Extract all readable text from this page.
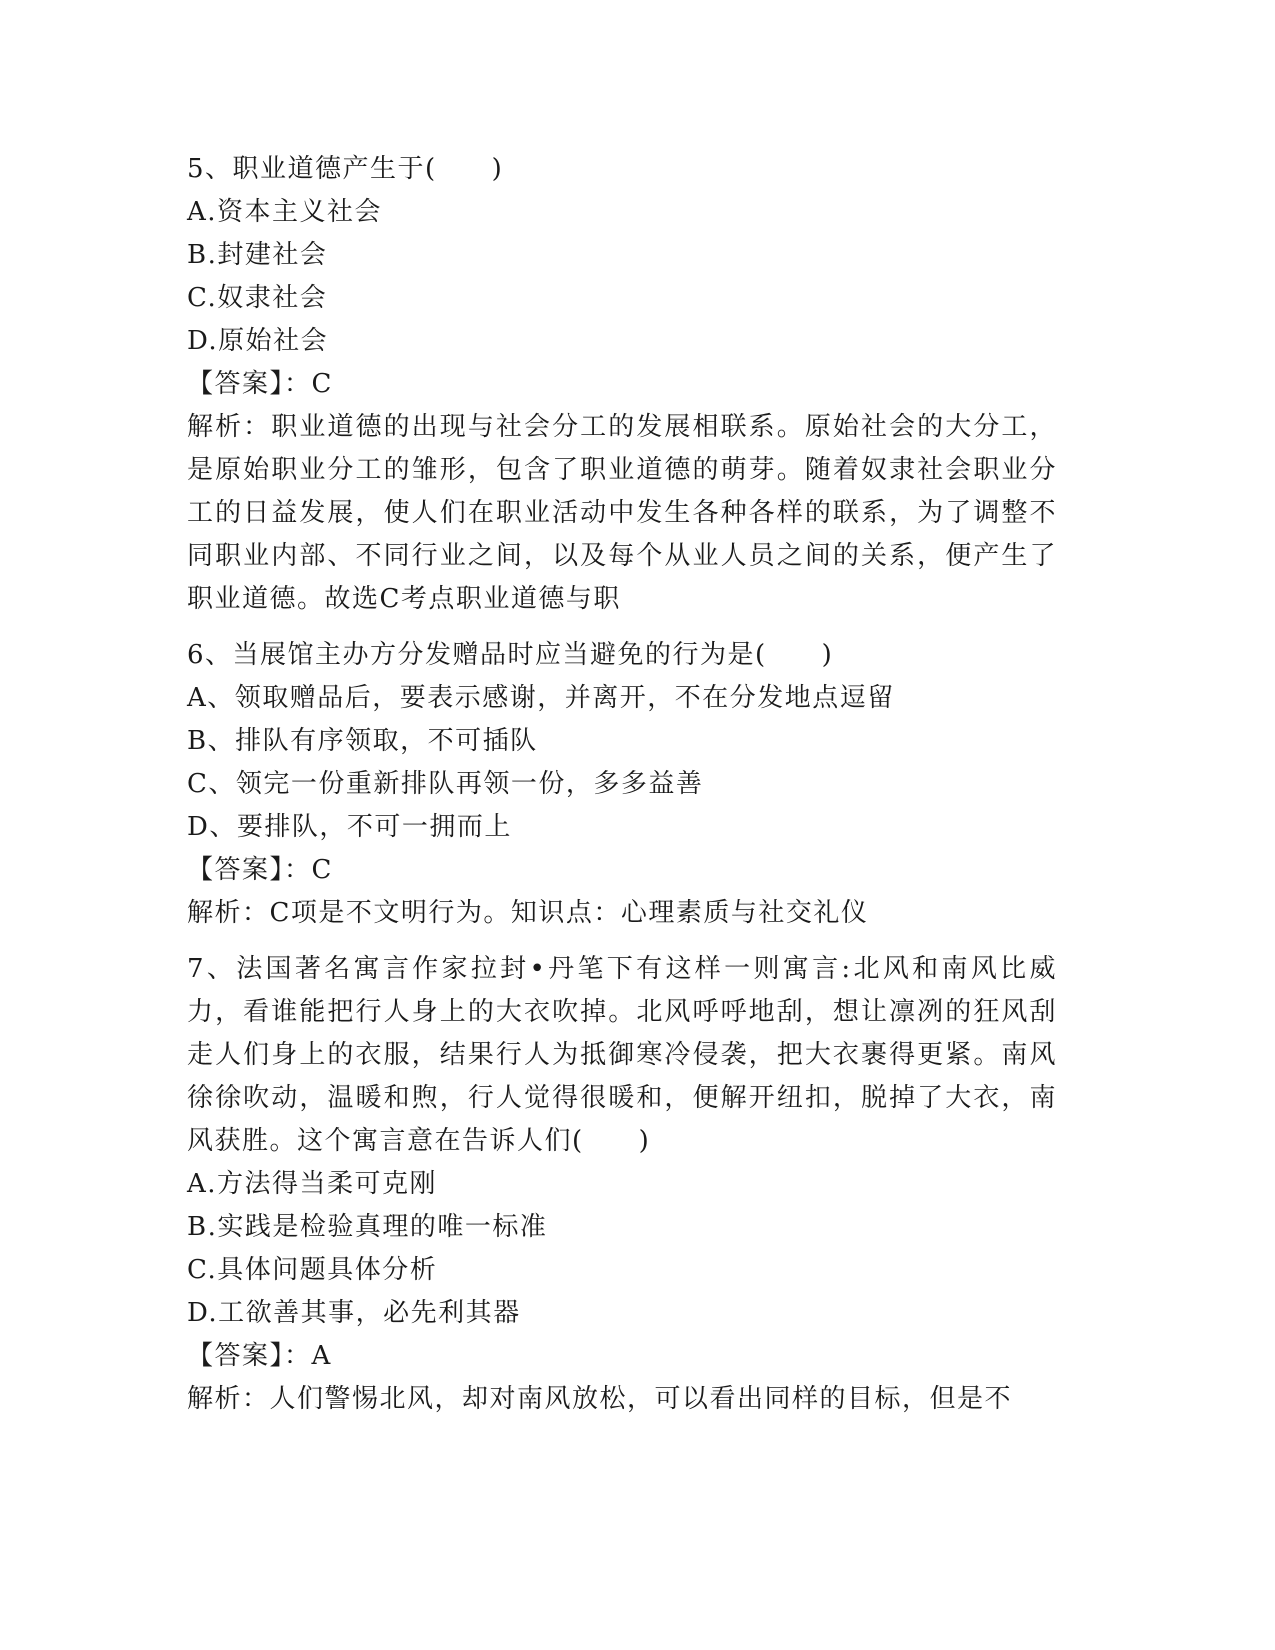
5、职业道德产生于(　　)

A.资本主义社会

B.封建社会

C.奴隶社会

D.原始社会

【答案】：C

解析：职业道德的出现与社会分工的发展相联系。原始社会的大分工，是原始职业分工的雏形，包含了职业道德的萌芽。随着奴隶社会职业分工的日益发展，使人们在职业活动中发生各种各样的联系，为了调整不同职业内部、不同行业之间，以及每个从业人员之间的关系，便产生了职业道德。故选C考点职业道德与职

6、当展馆主办方分发赠品时应当避免的行为是(　　)

A、领取赠品后，要表示感谢，并离开，不在分发地点逗留

B、排队有序领取，不可插队

C、领完一份重新排队再领一份，多多益善

D、要排队，不可一拥而上

【答案】：C

解析：C项是不文明行为。知识点：心理素质与社交礼仪

7、法国著名寓言作家拉封•丹笔下有这样一则寓言:北风和南风比威力，看谁能把行人身上的大衣吹掉。北风呼呼地刮，想让凛冽的狂风刮走人们身上的衣服，结果行人为抵御寒冷侵袭，把大衣裹得更紧。南风徐徐吹动，温暖和煦，行人觉得很暖和，便解开纽扣，脱掉了大衣，南风获胜。这个寓言意在告诉人们(　　)

A.方法得当柔可克刚

B.实践是检验真理的唯一标准

C.具体问题具体分析

D.工欲善其事，必先利其器

【答案】：A

解析：人们警惕北风，却对南风放松，可以看出同样的目标，但是不
